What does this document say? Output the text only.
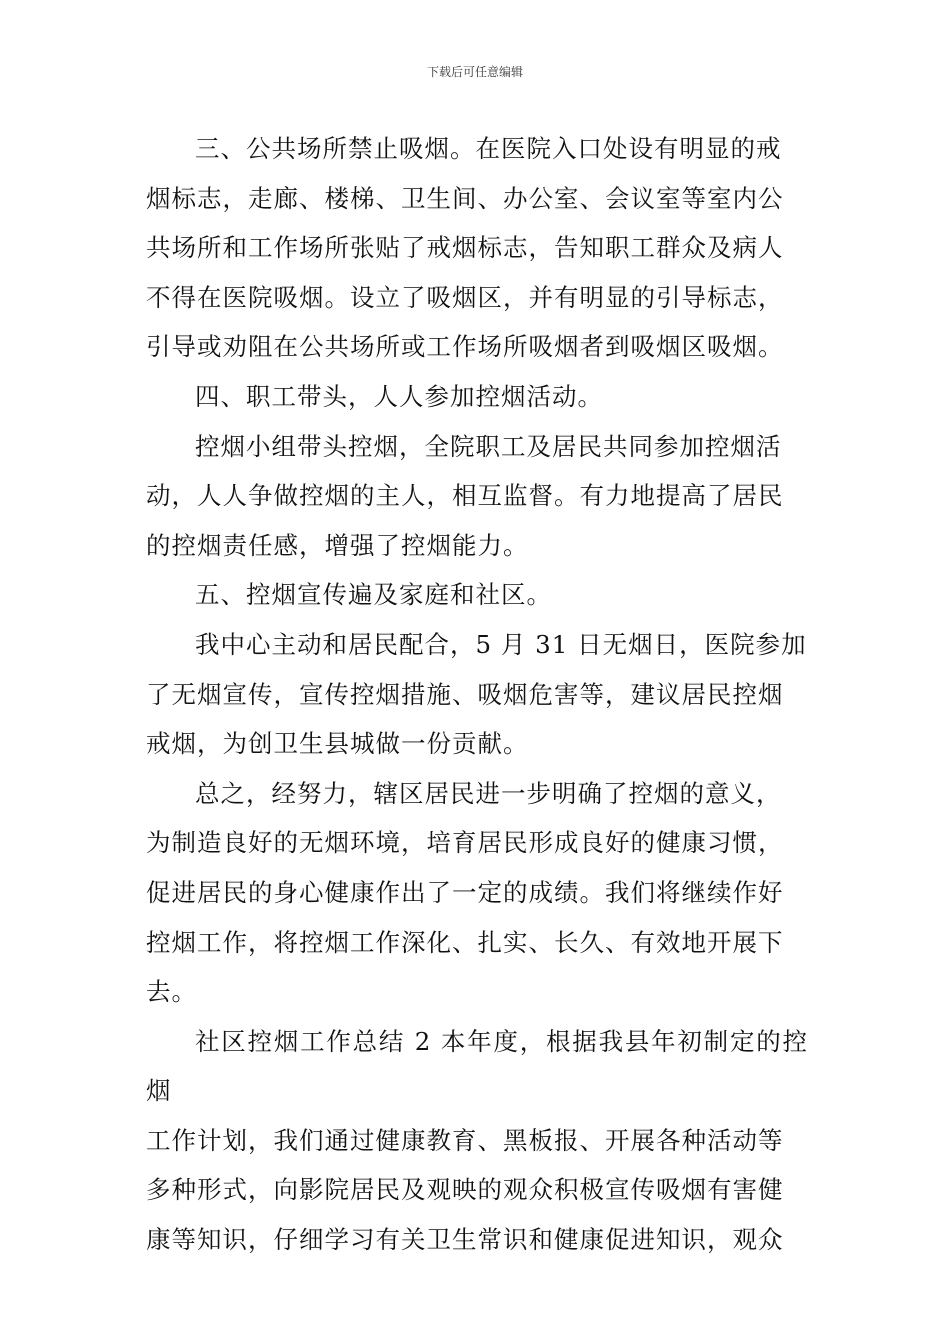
下载后可任意编辑

三、公共场所禁止吸烟。在医院入口处设有明显的戒
烟标志，走廊、楼梯、卫生间、办公室、会议室等室内公
共场所和工作场所张贴了戒烟标志，告知职工群众及病人
不得在医院吸烟。设立了吸烟区，并有明显的引导标志，
引导或劝阻在公共场所或工作场所吸烟者到吸烟区吸烟。

四、职工带头，人人参加控烟活动。

控烟小组带头控烟，全院职工及居民共同参加控烟活
动，人人争做控烟的主人，相互监督。有力地提高了居民
的控烟责任感，增强了控烟能力。

五、控烟宣传遍及家庭和社区。

我中心主动和居民配合，5 月 31 日无烟日，医院参加
了无烟宣传，宣传控烟措施、吸烟危害等，建议居民控烟
戒烟，为创卫生县城做一份贡献。

总之，经努力，辖区居民进一步明确了控烟的意义，
为制造良好的无烟环境，培育居民形成良好的健康习惯，
促进居民的身心健康作出了一定的成绩。我们将继续作好
控烟工作，将控烟工作深化、扎实、长久、有效地开展下
去。

社区控烟工作总结 2 本年度，根据我县年初制定的控烟
工作计划，我们通过健康教育、黑板报、开展各种活动等
多种形式，向影院居民及观映的观众积极宣传吸烟有害健
康等知识，仔细学习有关卫生常识和健康促进知识，观众
